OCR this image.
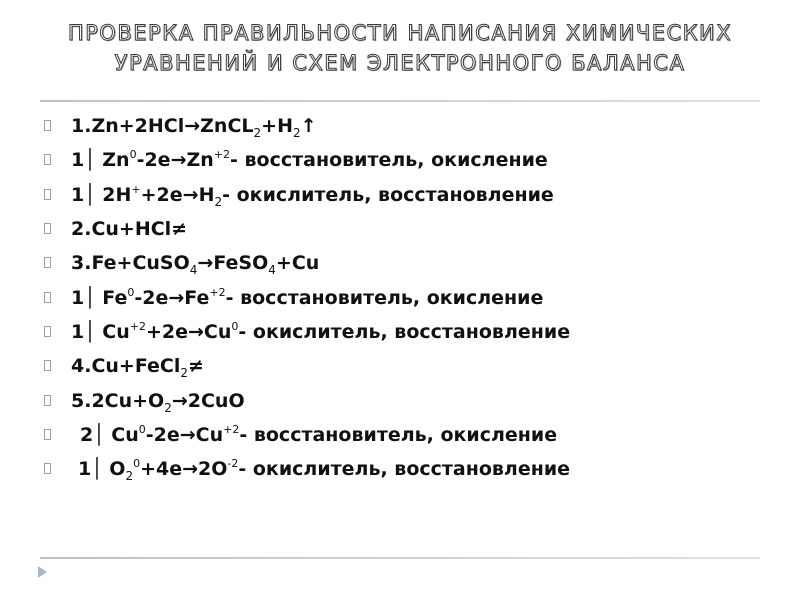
ПРОВЕРКА ПРАВИЛЬНОСТИ НАПИСАНИЯ ХИМИЧЕСКИХ
УРАВНЕНИЙ И СХЕМ ЭЛЕКТРОННОГО БАЛАНСА
$1.Zn+2HCl\to ZnCL_2+H_2↑$
1│ $Zn^0-2e\to Zn^{+2}-$ восстановитель, окисление
1│ $2H^++2e\to H_2-$ окислитель, восстановление
2.Cu+HCl≠
3.Fe+CuSO$_4$→FeSO$_4$+Cu
1│ $Fe^0-2e\to Fe^{+2}-$ восстановитель, окисление
1│ $Cu^{+2}+2e\to Cu^0-$ окислитель, восстановление
4.Cu+FeCl$_2$≠
$5.2Cu+O_2\to 2CuO$
2│ $Cu^0-2e\to Cu^{+2}-$ восстановитель, окисление
1│ $O_2^0+4e\to 2O^{-2}-$ окислитель, восстановление
